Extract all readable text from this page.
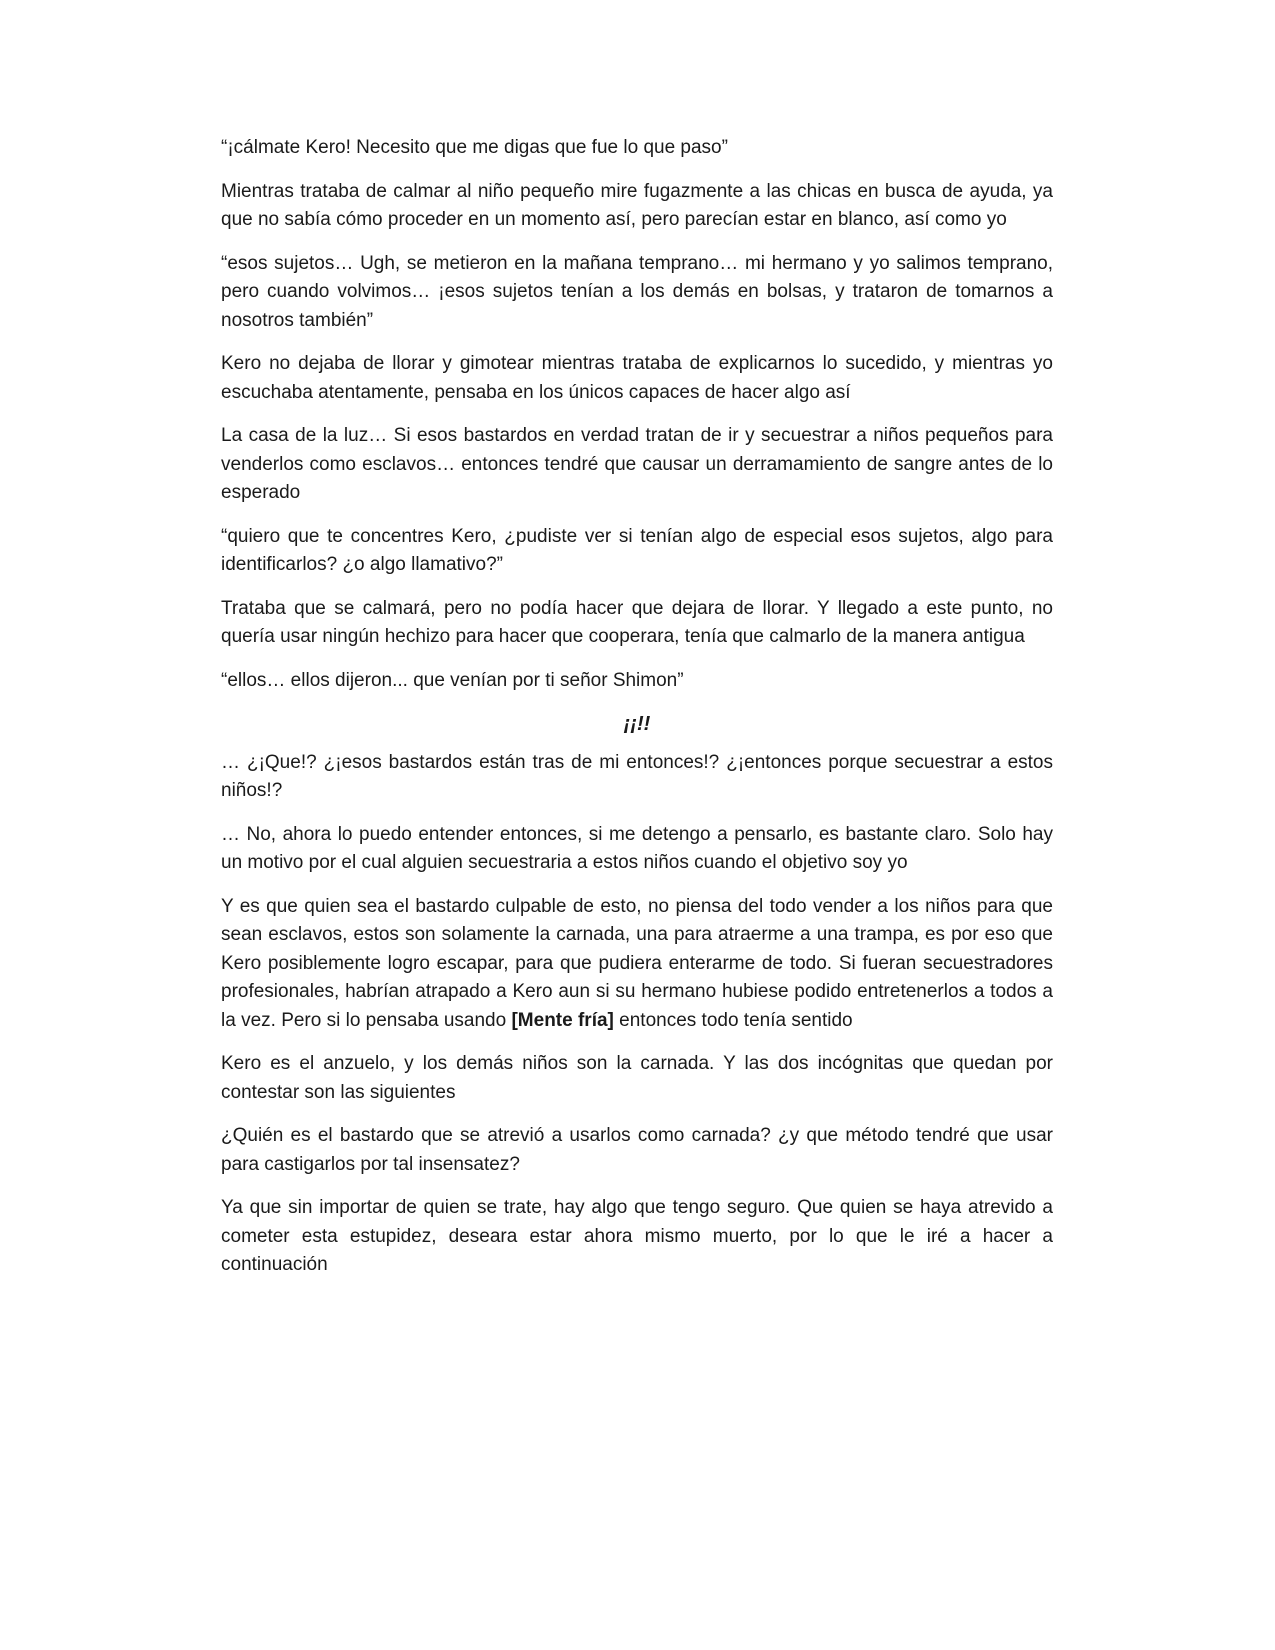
“¡cálmate Kero! Necesito que me digas que fue lo que paso”

Mientras trataba de calmar al niño pequeño mire fugazmente a las chicas en busca de ayuda, ya que no sabía cómo proceder en un momento así, pero parecían estar en blanco, así como yo

“esos sujetos… Ugh, se metieron en la mañana temprano… mi hermano y yo salimos temprano, pero cuando volvimos… ¡esos sujetos tenían a los demás en bolsas, y trataron de tomarnos a nosotros también”

Kero no dejaba de llorar y gimotear mientras trataba de explicarnos lo sucedido, y mientras yo escuchaba atentamente, pensaba en los únicos capaces de hacer algo así

La casa de la luz… Si esos bastardos en verdad tratan de ir y secuestrar a niños pequeños para venderlos como esclavos… entonces tendré que causar un derramamiento de sangre antes de lo esperado

“quiero que te concentres Kero, ¿pudiste ver si tenían algo de especial esos sujetos, algo para identificarlos? ¿o algo llamativo?”

Trataba que se calmará, pero no podía hacer que dejara de llorar. Y llegado a este punto, no quería usar ningún hechizo para hacer que cooperara, tenía que calmarlo de la manera antigua

“ellos… ellos dijeron... que venían por ti señor Shimon”

¡¡!!

… ¿¡Que!? ¿¡esos bastardos están tras de mi entonces!? ¿¡entonces porque secuestrar a estos niños!?

… No, ahora lo puedo entender entonces, si me detengo a pensarlo, es bastante claro. Solo hay un motivo por el cual alguien secuestraria a estos niños cuando el objetivo soy yo

Y es que quien sea el bastardo culpable de esto, no piensa del todo vender a los niños para que sean esclavos, estos son solamente la carnada, una para atraerme a una trampa, es por eso que Kero posiblemente logro escapar, para que pudiera enterarme de todo. Si fueran secuestradores profesionales, habrían atrapado a Kero aun si su hermano hubiese podido entretenerlos a todos a la vez. Pero si lo pensaba usando [Mente fría] entonces todo tenía sentido

Kero es el anzuelo, y los demás niños son la carnada. Y las dos incógnitas que quedan por contestar son las siguientes

¿Quién es el bastardo que se atrevió a usarlos como carnada? ¿y que método tendré que usar para castigarlos por tal insensatez?

Ya que sin importar de quien se trate, hay algo que tengo seguro. Que quien se haya atrevido a cometer esta estupidez, deseara estar ahora mismo muerto, por lo que le iré a hacer a continuación
